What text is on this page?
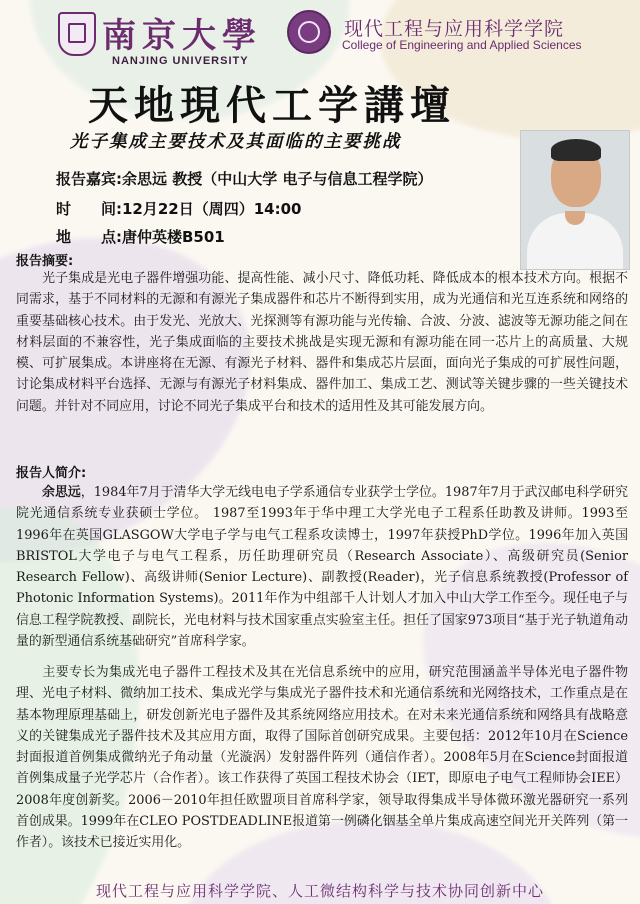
南京大學
NANJING UNIVERSITY
现代工程与应用科学学院
College of Engineering and Applied Sciences
天地現代工学講壇
光子集成主要技术及其面临的主要挑战
报告嘉宾:余思远 教授（中山大学 电子与信息工程学院）
时　　间:12月22日（周四）14:00
地　　点:唐仲英楼B501
报告摘要:
光子集成是光电子器件增强功能、提高性能、减小尺寸、降低功耗、降低成本的根本技术方向。根据不同需求，基于不同材料的无源和有源光子集成器件和芯片不断得到实用，成为光通信和光互连系统和网络的重要基础核心技术。由于发光、光放大、光探测等有源功能与光传输、合波、分波、滤波等无源功能之间在材料层面的不兼容性，光子集成面临的主要技术挑战是实现无源和有源功能在同一芯片上的高质量、大规模、可扩展集成。本讲座将在无源、有源光子材料、器件和集成芯片层面，面向光子集成的可扩展性问题，讨论集成材料平台选择、无源与有源光子材料集成、器件加工、集成工艺、测试等关键步骤的一些关键技术问题。并针对不同应用，讨论不同光子集成平台和技术的适用性及其可能发展方向。
报告人简介:
余思远，1984年7月于清华大学无线电电子学系通信专业获学士学位。1987年7月于武汉邮电科学研究院光通信系统专业获硕士学位。 1987至1993年于华中理工大学光电子工程系任助教及讲师。1993至1996年在英国GLASGOW大学电子学与电气工程系攻读博士，1997年获授PhD学位。1996年加入英国BRISTOL大学电子与电气工程系，历任助理研究员（Research Associate）、高级研究员(Senior Research Fellow)、高级讲师(Senior Lecture)、副教授(Reader)，光子信息系统教授(Professor of Photonic Information Systems)。2011年作为中组部千人计划人才加入中山大学工作至今。现任电子与信息工程学院教授、副院长，光电材料与技术国家重点实验室主任。担任了国家973项目“基于光子轨道角动量的新型通信系统基础研究”首席科学家。
主要专长为集成光电子器件工程技术及其在光信息系统中的应用，研究范围涵盖半导体光电子器件物理、光电子材料、微纳加工技术、集成光学与集成光子器件技术和光通信系统和光网络技术，工作重点是在基本物理原理基础上，研发创新光电子器件及其系统网络应用技术。在对未来光通信系统和网络具有战略意义的关键集成光子器件技术及其应用方面，取得了国际首创研究成果。主要包括：2012年10月在Science封面报道首例集成微纳光子角动量（光漩涡）发射器件阵列（通信作者）。2008年5月在Science封面报道首例集成量子光学芯片（合作者）。该工作获得了英国工程技术协会（IET，即原电子电气工程师协会IEE）2008年度创新奖。2006－2010年担任欧盟项目首席科学家，领导取得集成半导体微环激光器研究一系列首创成果。1999年在CLEO POSTDEADLINE报道第一例磷化铟基全单片集成高速空间光开关阵列（第一作者）。该技术已接近实用化。
现代工程与应用科学学院、人工微结构科学与技术协同创新中心
